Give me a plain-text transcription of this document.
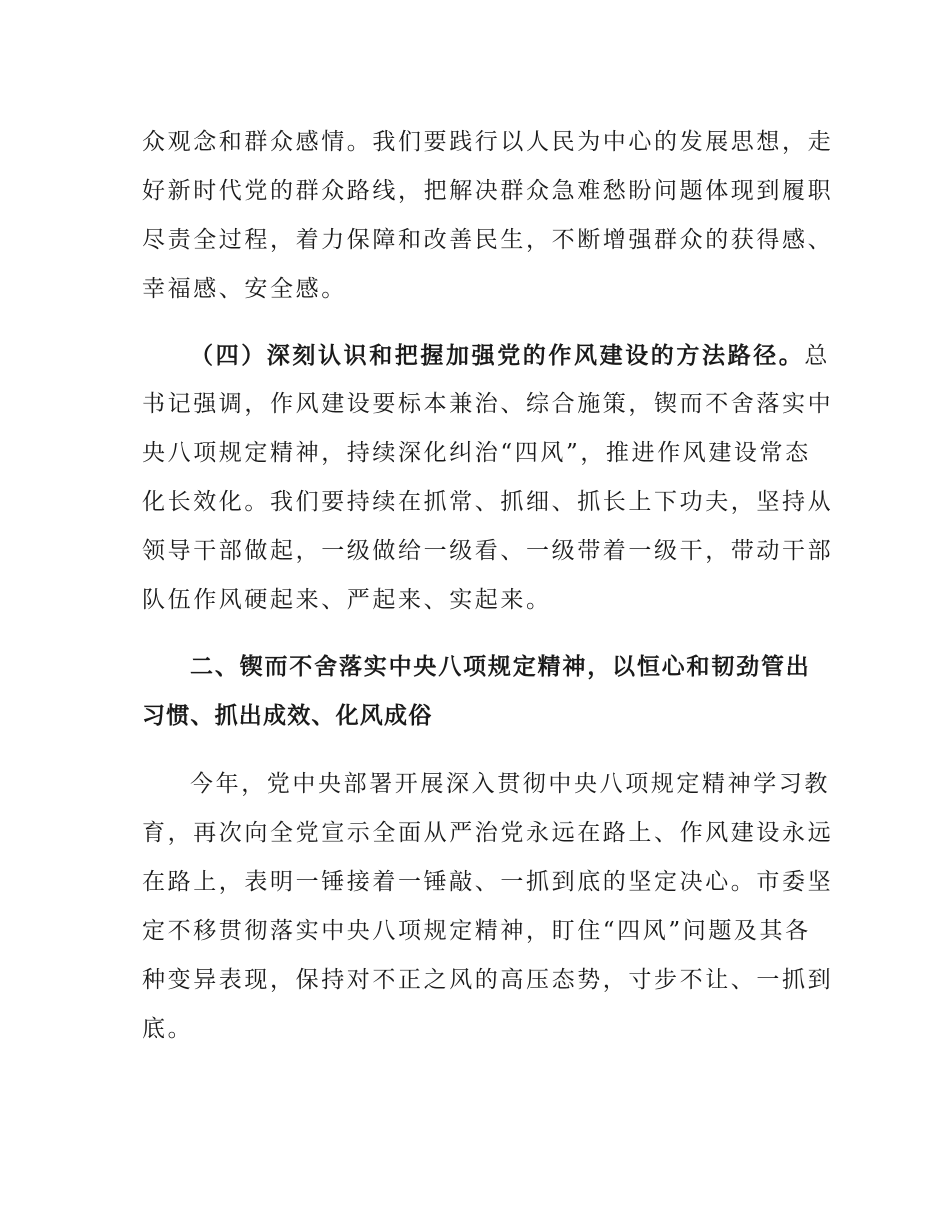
众观念和群众感情。我们要践行以人民为中心的发展思想，走
好新时代党的群众路线，把解决群众急难愁盼问题体现到履职
尽责全过程，着力保障和改善民生，不断增强群众的获得感、
幸福感、安全感。
（四）深刻认识和把握加强党的作风建设的方法路径。总
书记强调，作风建设要标本兼治、综合施策，锲而不舍落实中
央八项规定精神，持续深化纠治“四风”，推进作风建设常态
化长效化。我们要持续在抓常、抓细、抓长上下功夫，坚持从
领导干部做起，一级做给一级看、一级带着一级干，带动干部
队伍作风硬起来、严起来、实起来。
二、锲而不舍落实中央八项规定精神，以恒心和韧劲管出
习惯、抓出成效、化风成俗
今年，党中央部署开展深入贯彻中央八项规定精神学习教
育，再次向全党宣示全面从严治党永远在路上、作风建设永远
在路上，表明一锤接着一锤敲、一抓到底的坚定决心。市委坚
定不移贯彻落实中央八项规定精神，盯住“四风”问题及其各
种变异表现，保持对不正之风的高压态势，寸步不让、一抓到
底。
